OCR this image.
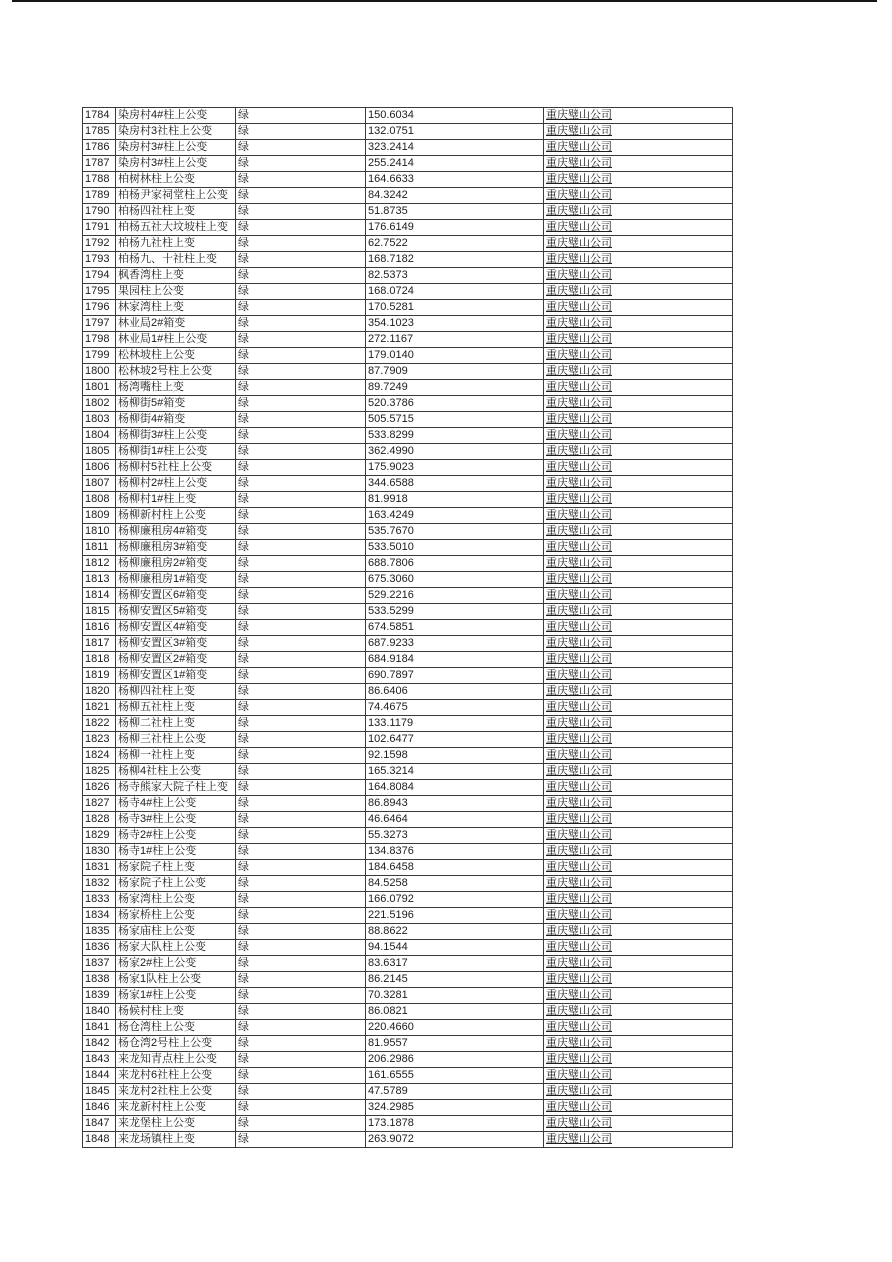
1784	染房村4#柱上公变	绿	150.6034	重庆璧山公司
1785	染房村3社柱上公变	绿	132.0751	重庆璧山公司
1786	染房村3#柱上公变	绿	323.2414	重庆璧山公司
1787	染房村3#柱上公变	绿	255.2414	重庆璧山公司
1788	柏树林柱上公变	绿	164.6633	重庆璧山公司
1789	柏杨尹家祠堂柱上公变	绿	84.3242	重庆璧山公司
1790	柏杨四社柱上变	绿	51.8735	重庆璧山公司
1791	柏杨五社大坟坡柱上变	绿	176.6149	重庆璧山公司
1792	柏杨九社柱上变	绿	62.7522	重庆璧山公司
1793	柏杨九、十社柱上变	绿	168.7182	重庆璧山公司
1794	枫香湾柱上变	绿	82.5373	重庆璧山公司
1795	果园柱上公变	绿	168.0724	重庆璧山公司
1796	林家湾柱上变	绿	170.5281	重庆璧山公司
1797	林业局2#箱变	绿	354.1023	重庆璧山公司
1798	林业局1#柱上公变	绿	272.1167	重庆璧山公司
1799	松林坡柱上公变	绿	179.0140	重庆璧山公司
1800	松林坡2号柱上公变	绿	87.7909	重庆璧山公司
1801	杨湾嘴柱上变	绿	89.7249	重庆璧山公司
1802	杨柳街5#箱变	绿	520.3786	重庆璧山公司
1803	杨柳街4#箱变	绿	505.5715	重庆璧山公司
1804	杨柳街3#柱上公变	绿	533.8299	重庆璧山公司
1805	杨柳街1#柱上公变	绿	362.4990	重庆璧山公司
1806	杨柳村5社柱上公变	绿	175.9023	重庆璧山公司
1807	杨柳村2#柱上公变	绿	344.6588	重庆璧山公司
1808	杨柳村1#柱上变	绿	81.9918	重庆璧山公司
1809	杨柳新村柱上公变	绿	163.4249	重庆璧山公司
1810	杨柳廉租房4#箱变	绿	535.7670	重庆璧山公司
1811	杨柳廉租房3#箱变	绿	533.5010	重庆璧山公司
1812	杨柳廉租房2#箱变	绿	688.7806	重庆璧山公司
1813	杨柳廉租房1#箱变	绿	675.3060	重庆璧山公司
1814	杨柳安置区6#箱变	绿	529.2216	重庆璧山公司
1815	杨柳安置区5#箱变	绿	533.5299	重庆璧山公司
1816	杨柳安置区4#箱变	绿	674.5851	重庆璧山公司
1817	杨柳安置区3#箱变	绿	687.9233	重庆璧山公司
1818	杨柳安置区2#箱变	绿	684.9184	重庆璧山公司
1819	杨柳安置区1#箱变	绿	690.7897	重庆璧山公司
1820	杨柳四社柱上变	绿	86.6406	重庆璧山公司
1821	杨柳五社柱上变	绿	74.4675	重庆璧山公司
1822	杨柳二社柱上变	绿	133.1179	重庆璧山公司
1823	杨柳三社柱上公变	绿	102.6477	重庆璧山公司
1824	杨柳一社柱上变	绿	92.1598	重庆璧山公司
1825	杨柳4社柱上公变	绿	165.3214	重庆璧山公司
1826	杨寺熊家大院子柱上变	绿	164.8084	重庆璧山公司
1827	杨寺4#柱上公变	绿	86.8943	重庆璧山公司
1828	杨寺3#柱上公变	绿	46.6464	重庆璧山公司
1829	杨寺2#柱上公变	绿	55.3273	重庆璧山公司
1830	杨寺1#柱上公变	绿	134.8376	重庆璧山公司
1831	杨家院子柱上变	绿	184.6458	重庆璧山公司
1832	杨家院子柱上公变	绿	84.5258	重庆璧山公司
1833	杨家湾柱上公变	绿	166.0792	重庆璧山公司
1834	杨家桥柱上公变	绿	221.5196	重庆璧山公司
1835	杨家庙柱上公变	绿	88.8622	重庆璧山公司
1836	杨家大队柱上公变	绿	94.1544	重庆璧山公司
1837	杨家2#柱上公变	绿	83.6317	重庆璧山公司
1838	杨家1队柱上公变	绿	86.2145	重庆璧山公司
1839	杨家1#柱上公变	绿	70.3281	重庆璧山公司
1840	杨候村柱上变	绿	86.0821	重庆璧山公司
1841	杨仓湾柱上公变	绿	220.4660	重庆璧山公司
1842	杨仓湾2号柱上公变	绿	81.9557	重庆璧山公司
1843	来龙知青点柱上公变	绿	206.2986	重庆璧山公司
1844	来龙村6社柱上公变	绿	161.6555	重庆璧山公司
1845	来龙村2社柱上公变	绿	47.5789	重庆璧山公司
1846	来龙新村柱上公变	绿	324.2985	重庆璧山公司
1847	来龙堡柱上公变	绿	173.1878	重庆璧山公司
1848	来龙场镇柱上变	绿	263.9072	重庆璧山公司
